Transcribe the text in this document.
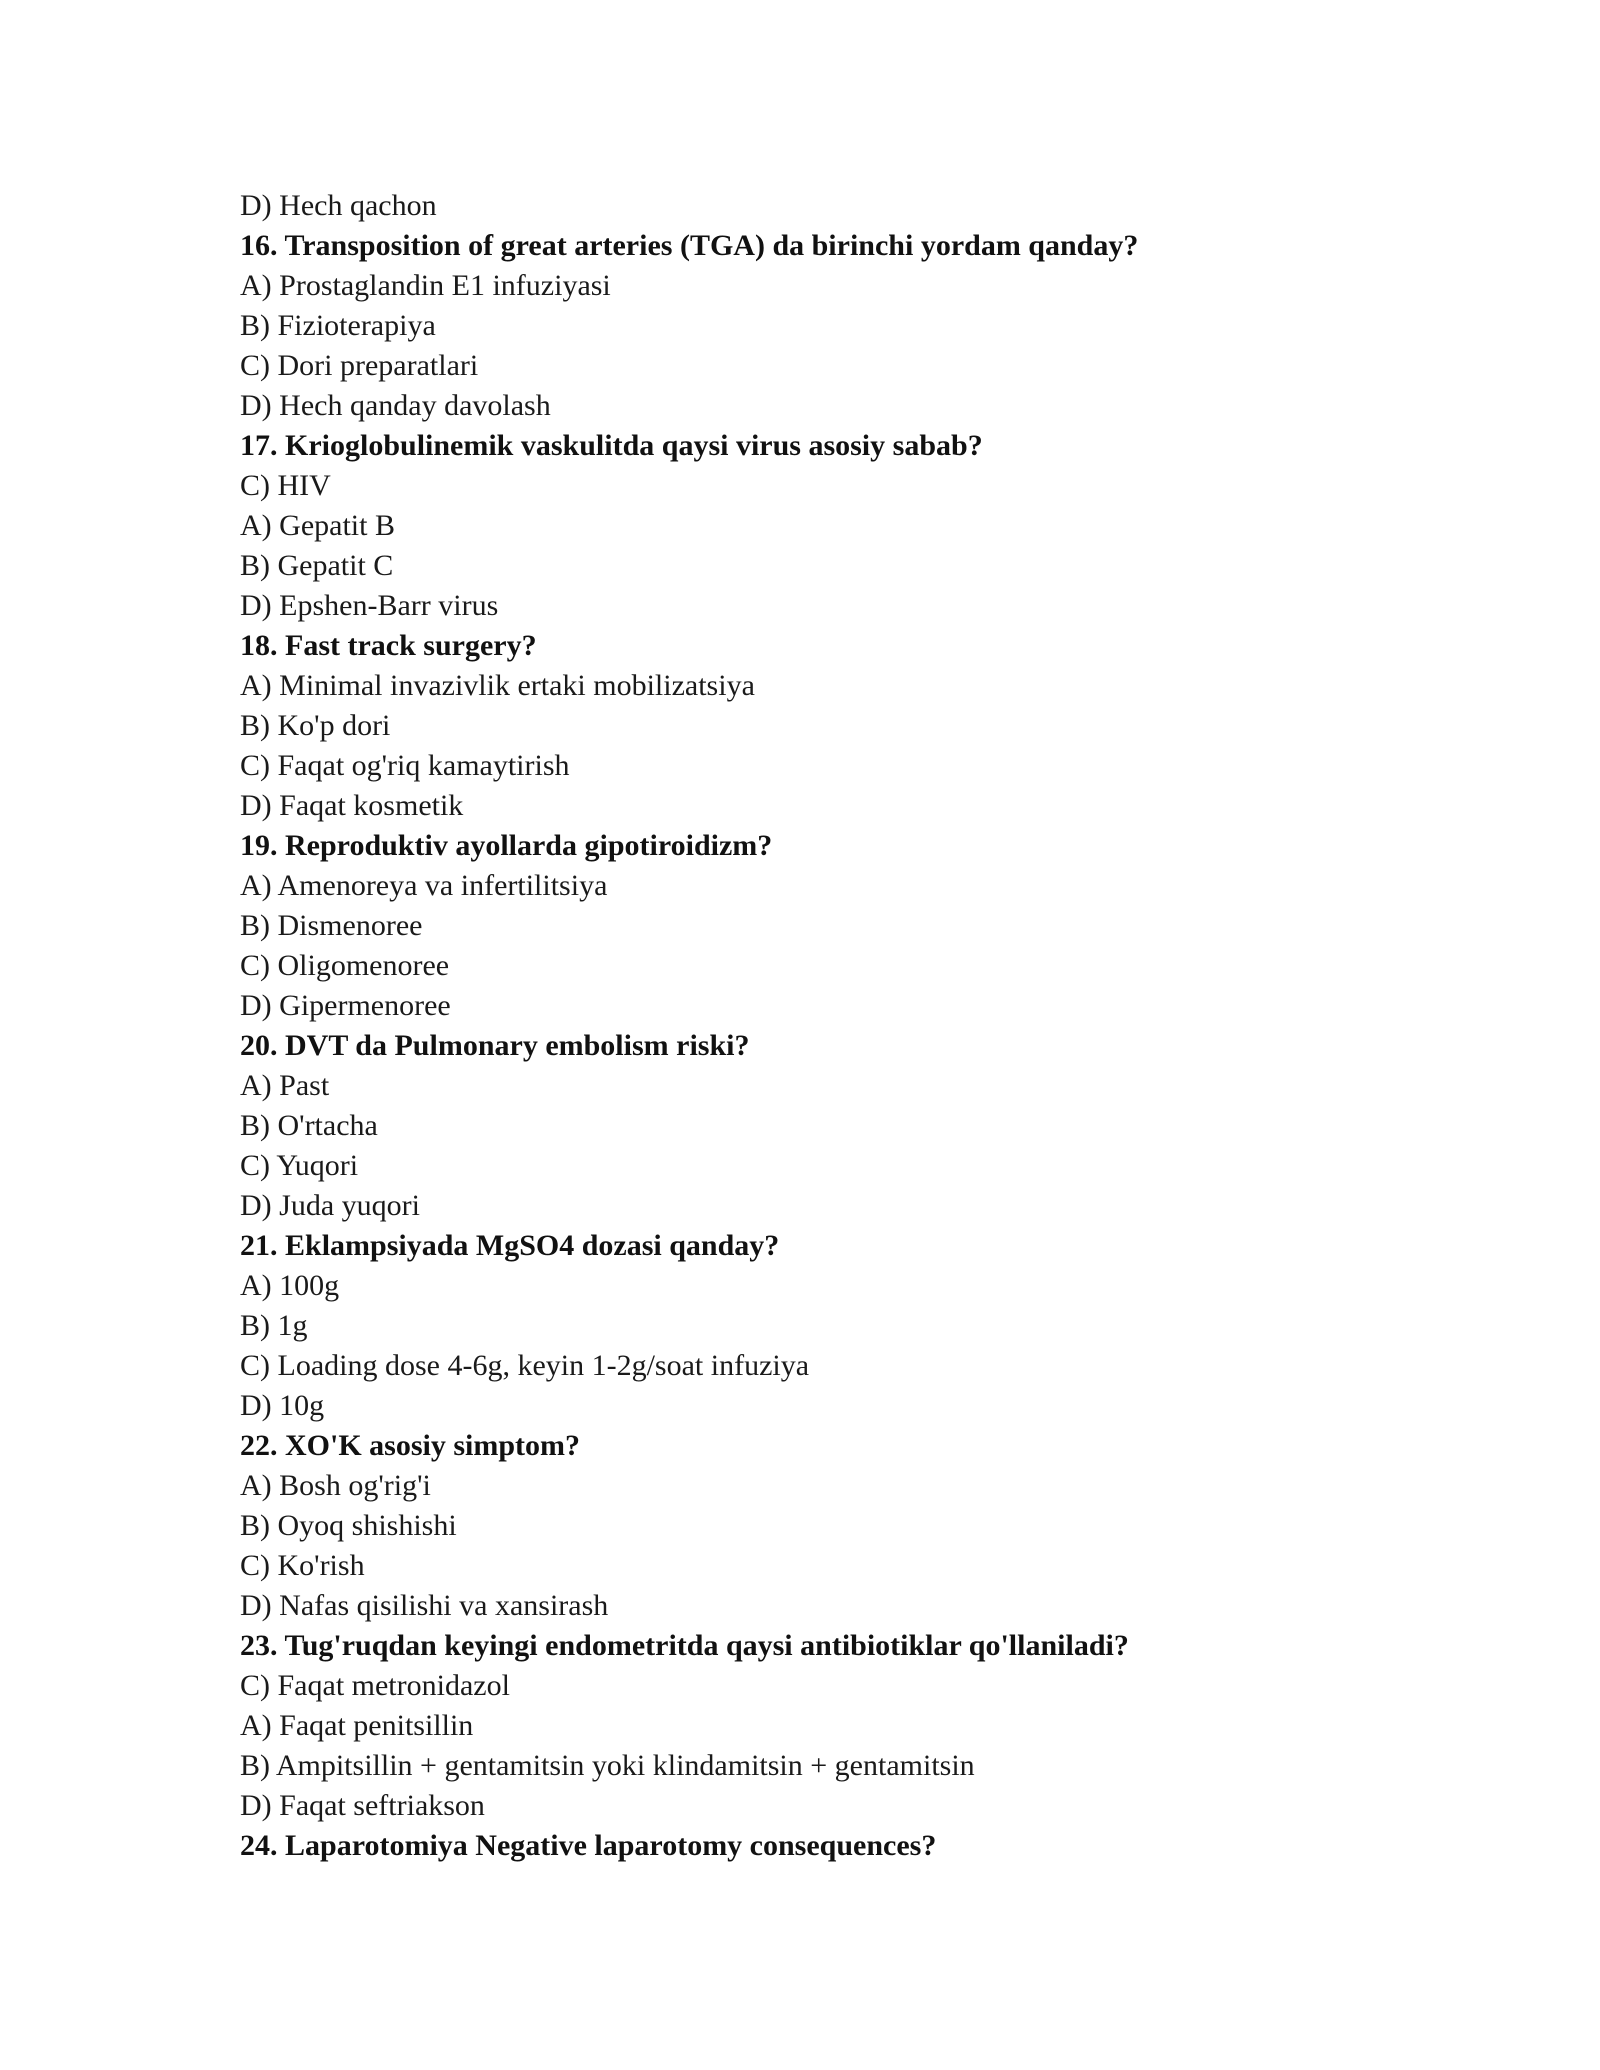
D) Hech qachon
16. Transposition of great arteries (TGA) da birinchi yordam qanday?
A) Prostaglandin E1 infuziyasi
B) Fizioterapiya
C) Dori preparatlari
D) Hech qanday davolash
17. Krioglobulinemik vaskulitda qaysi virus asosiy sabab?
C) HIV
A) Gepatit B
B) Gepatit C
D) Epshen-Barr virus
18. Fast track surgery?
A) Minimal invazivlik ertaki mobilizatsiya
B) Ko'p dori
C) Faqat og'riq kamaytirish
D) Faqat kosmetik
19. Reproduktiv ayollarda gipotiroidizm?
A) Amenoreya va infertilitsiya
B) Dismenoree
C) Oligomenoree
D) Gipermenoree
20. DVT da Pulmonary embolism riski?
A) Past
B) O'rtacha
C) Yuqori
D) Juda yuqori
21. Eklampsiyada MgSO4 dozasi qanday?
A) 100g
B) 1g
C) Loading dose 4-6g, keyin 1-2g/soat infuziya
D) 10g
22. XO'K asosiy simptom?
A) Bosh og'rig'i
B) Oyoq shishishi
C) Ko'rish
D) Nafas qisilishi va xansirash
23. Tug'ruqdan keyingi endometritda qaysi antibiotiklar qo'llaniladi?
C) Faqat metronidazol
A) Faqat penitsillin
B) Ampitsillin + gentamitsin yoki klindamitsin + gentamitsin
D) Faqat seftriakson
24. Laparotomiya Negative laparotomy consequences?
